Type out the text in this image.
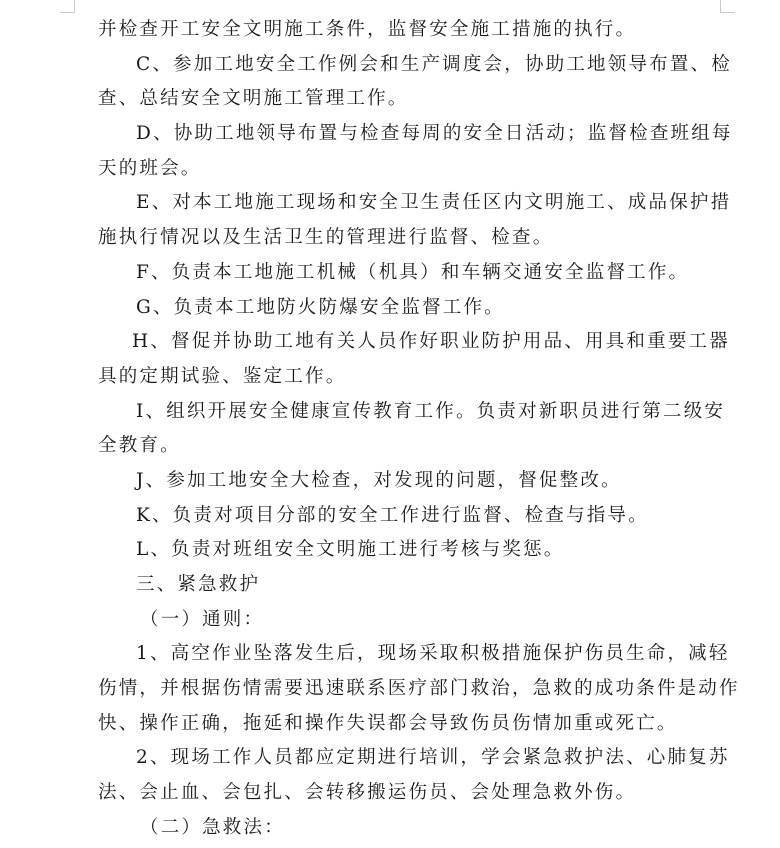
并检查开工安全文明施工条件，监督安全施工措施的执行。

C、参加工地安全工作例会和生产调度会，协助工地领导布置、检
查、总结安全文明施工管理工作。

D、协助工地领导布置与检查每周的安全日活动；监督检查班组每
天的班会。

E、对本工地施工现场和安全卫生责任区内文明施工、成品保护措
施执行情况以及生活卫生的管理进行监督、检查。

F、负责本工地施工机械（机具）和车辆交通安全监督工作。

G、负责本工地防火防爆安全监督工作。

H、督促并协助工地有关人员作好职业防护用品、用具和重要工器
具的定期试验、鉴定工作。

I、组织开展安全健康宣传教育工作。负责对新职员进行第二级安
全教育。

J、参加工地安全大检查，对发现的问题，督促整改。

K、负责对项目分部的安全工作进行监督、检查与指导。

L、负责对班组安全文明施工进行考核与奖惩。

三、紧急救护

（一）通则：

1、高空作业坠落发生后，现场采取积极措施保护伤员生命，减轻
伤情，并根据伤情需要迅速联系医疗部门救治，急救的成功条件是动作
快、操作正确，拖延和操作失误都会导致伤员伤情加重或死亡。

2、现场工作人员都应定期进行培训，学会紧急救护法、心肺复苏
法、会止血、会包扎、会转移搬运伤员、会处理急救外伤。

（二）急救法：
